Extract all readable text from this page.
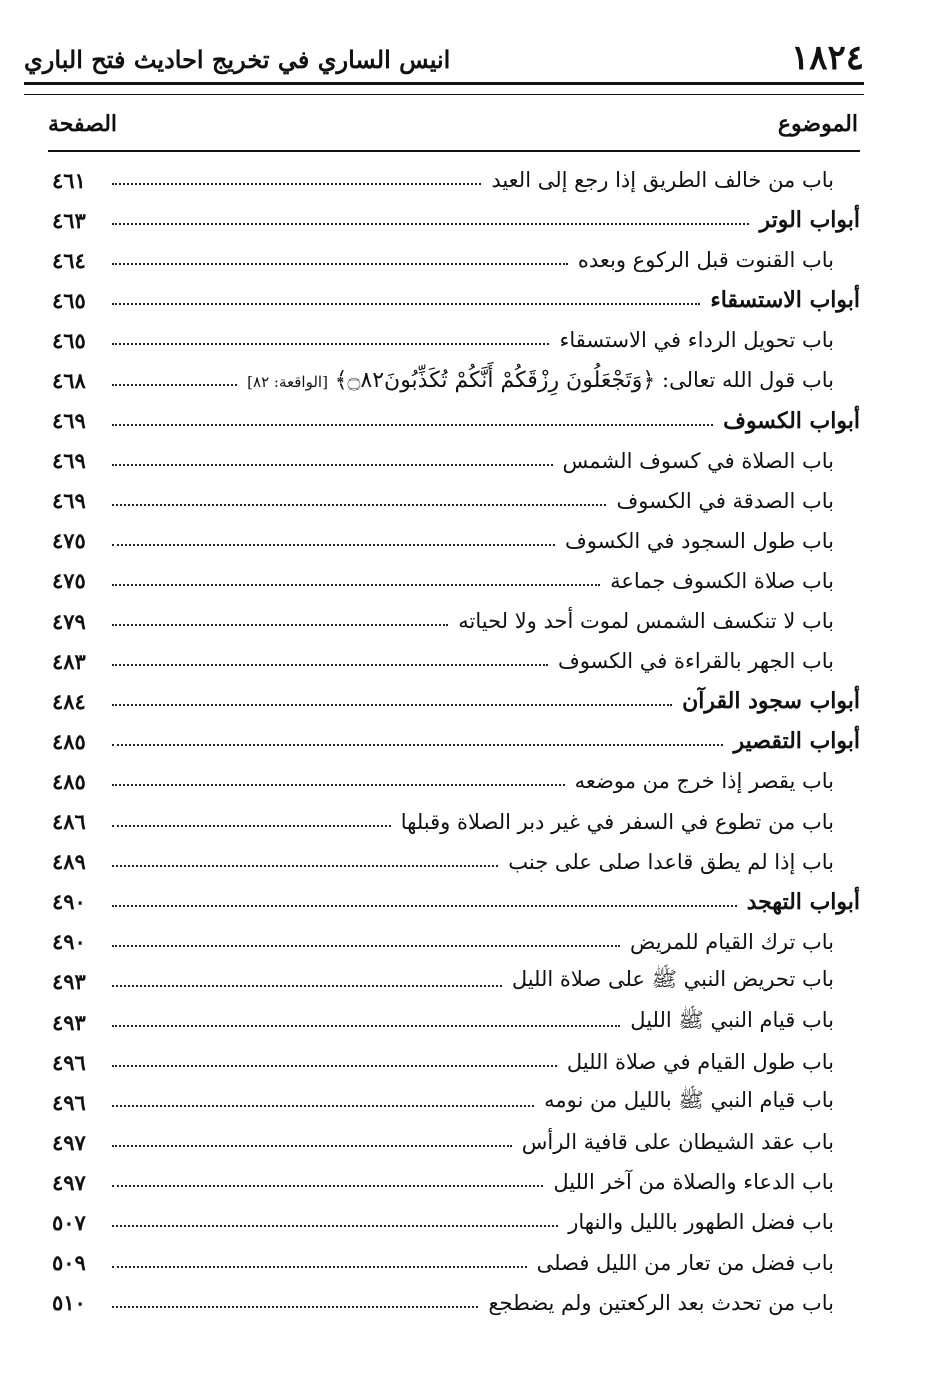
١٨٢٤
انيس الساري في تخريج احاديث فتح الباري
الموضوع
الصفحة
باب من خالف الطريق إذا رجع إلى العيد
٤٦١
أبواب الوتر
٤٦٣
باب القنوت قبل الركوع وبعده
٤٦٤
أبواب الاستسقاء
٤٦٥
باب تحويل الرداء في الاستسقاء
٤٦٥
باب قول الله تعالى: ﴿وَتَجْعَلُونَ رِزْقَكُمْ أَنَّكُمْ تُكَذِّبُونَ۝٨٢﴾ [الواقعة: ٨٢]
٤٦٨
أبواب الكسوف
٤٦٩
باب الصلاة في كسوف الشمس
٤٦٩
باب الصدقة في الكسوف
٤٦٩
باب طول السجود في الكسوف
٤٧٥
باب صلاة الكسوف جماعة
٤٧٥
باب لا تنكسف الشمس لموت أحد ولا لحياته
٤٧٩
باب الجهر بالقراءة في الكسوف
٤٨٣
أبواب سجود القرآن
٤٨٤
أبواب التقصير
٤٨٥
باب يقصر إذا خرج من موضعه
٤٨٥
باب من تطوع في السفر في غير دبر الصلاة وقبلها
٤٨٦
باب إذا لم يطق قاعدا صلى على جنب
٤٨٩
أبواب التهجد
٤٩٠
باب ترك القيام للمريض
٤٩٠
باب تحريض النبي ﷺ على صلاة الليل
٤٩٣
باب قيام النبي ﷺ الليل
٤٩٣
باب طول القيام في صلاة الليل
٤٩٦
باب قيام النبي ﷺ بالليل من نومه
٤٩٦
باب عقد الشيطان على قافية الرأس
٤٩٧
باب الدعاء والصلاة من آخر الليل
٤٩٧
باب فضل الطهور بالليل والنهار
٥٠٧
باب فضل من تعار من الليل فصلى
٥٠٩
باب من تحدث بعد الركعتين ولم يضطجع
٥١٠
